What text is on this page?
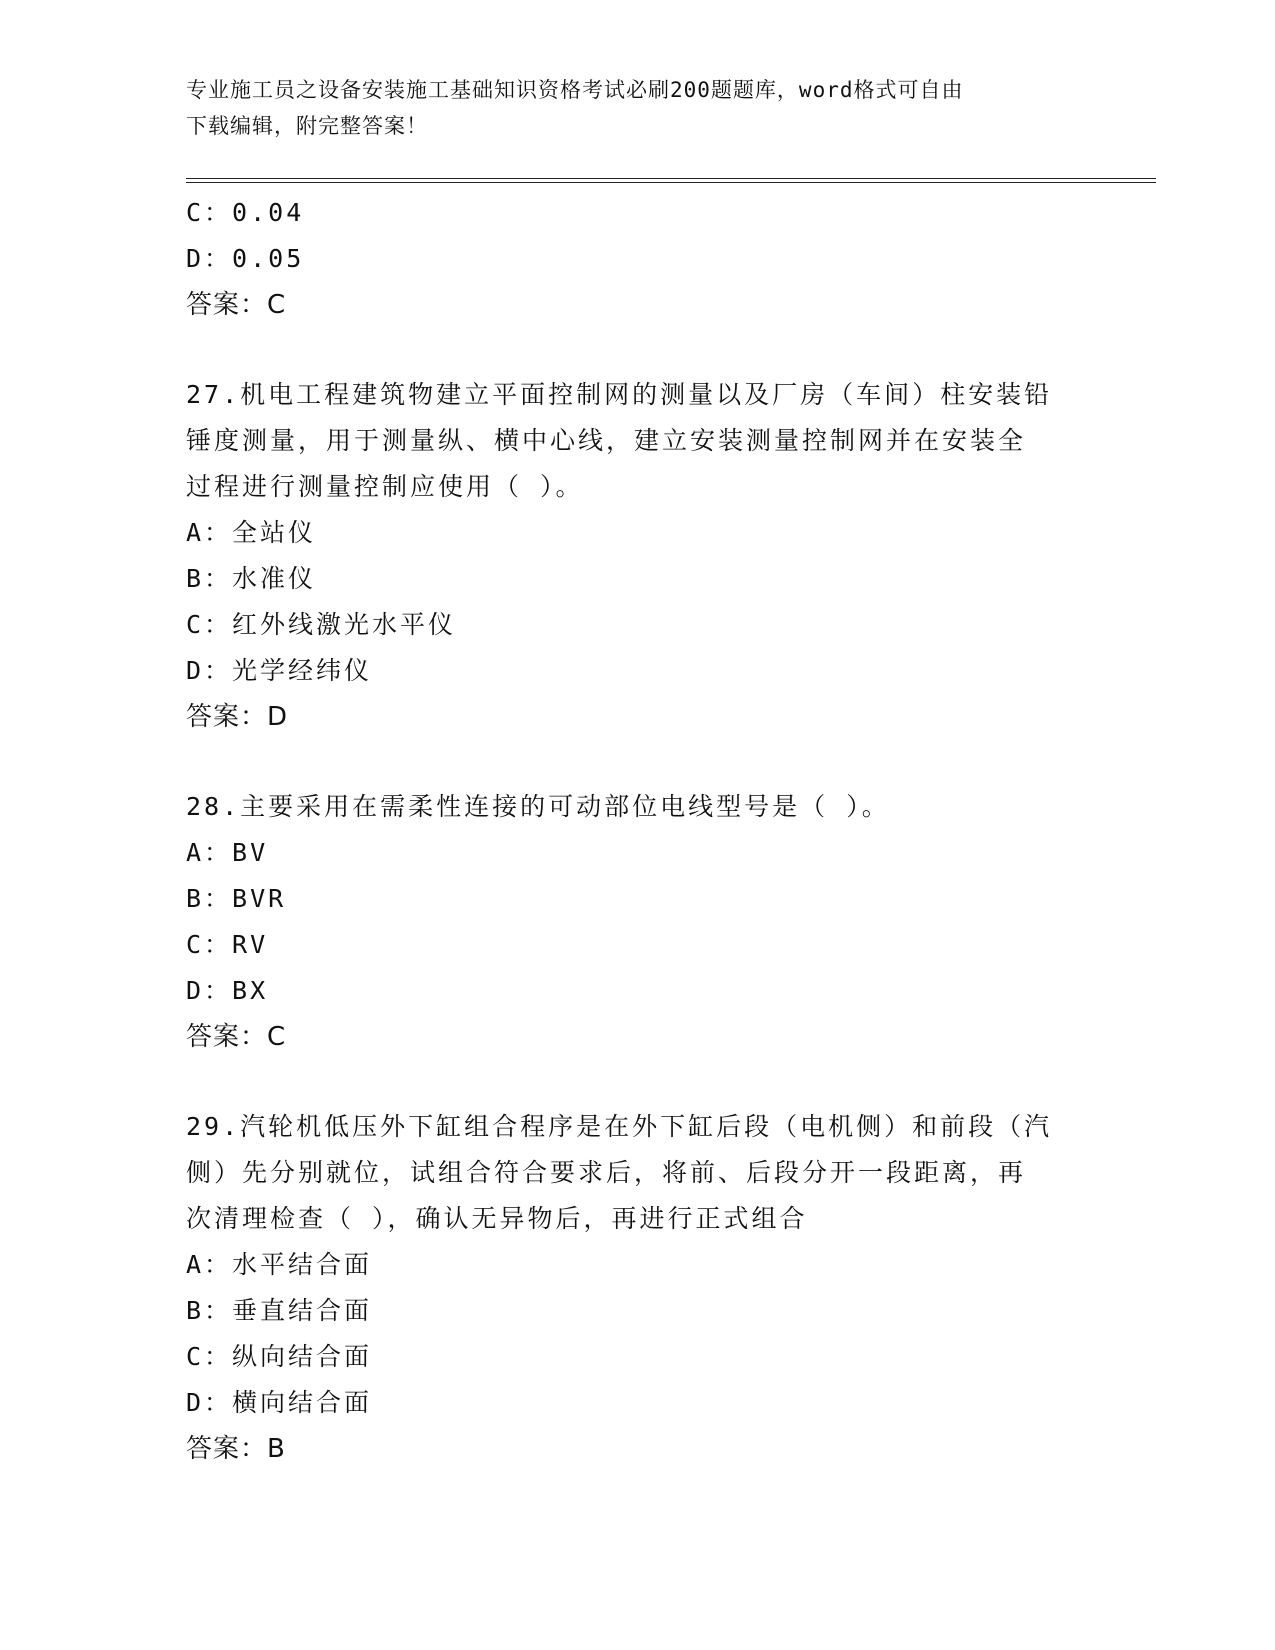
专业施工员之设备安装施工基础知识资格考试必刷200题题库，word格式可自由
下载编辑，附完整答案！
C：0.04
D：0.05
答案：C
27.机电工程建筑物建立平面控制网的测量以及厂房（车间）柱安装铅
锤度测量，用于测量纵、横中心线，建立安装测量控制网并在安装全
过程进行测量控制应使用（ ）。
A：全站仪
B：水准仪
C：红外线激光水平仪
D：光学经纬仪
答案：D
28.主要采用在需柔性连接的可动部位电线型号是（ ）。
A：BV
B：BVR
C：RV
D：BX
答案：C
29.汽轮机低压外下缸组合程序是在外下缸后段（电机侧）和前段（汽
侧）先分别就位，试组合符合要求后，将前、后段分开一段距离，再
次清理检查（ ），确认无异物后，再进行正式组合
A：水平结合面
B：垂直结合面
C：纵向结合面
D：横向结合面
答案：B
